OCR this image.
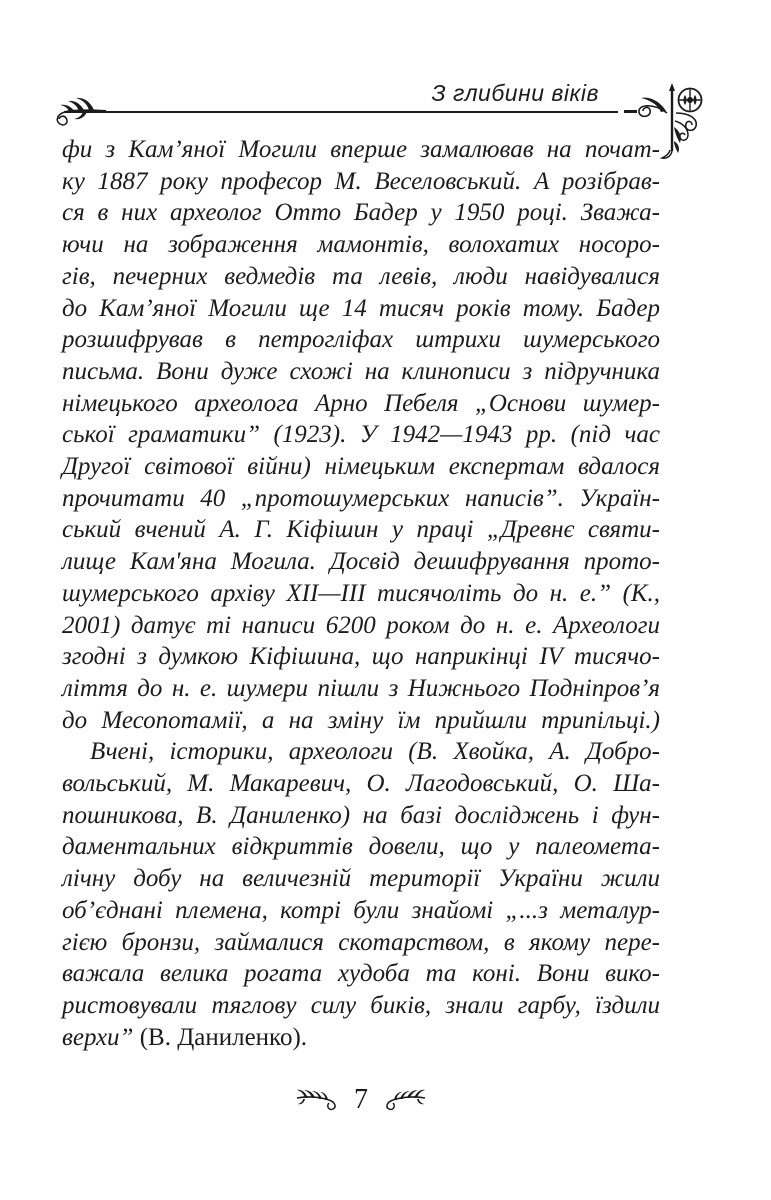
З глибини віків
фи з Кам’яної Могили вперше замалював на почат-
ку 1887 року професор М. Веселовський. А розібрав-
ся в них археолог Отто Бадер у 1950 році. Зважа-
ючи на зображення мамонтів, волохатих носоро-
гів, печерних ведмедів та левів, люди навідувалися
до Кам’яної Могили ще 14 тисяч років тому. Бадер
розшифрував в петрогліфах штрихи шумерського
письма. Вони дуже схожі на клинописи з підручника
німецького археолога Арно Пебеля „Основи шумер-
ської граматики” (1923). У 1942—1943 рр. (під час
Другої світової війни) німецьким експертам вдалося
прочитати 40 „протошумерських написів”. Україн-
ський вчений А. Г. Кіфішин у праці „Древнє святи-
лище Кам'яна Могила. Досвід дешифрування прото-
шумерського архіву XII—III тисячоліть до н. е.” (К.,
2001) датує ті написи 6200 роком до н. е. Археологи
згодні з думкою Кіфішина, що наприкінці IV тисячо-
ліття до н. е. шумери пішли з Нижнього Подніпров’я
до Месопотамії, а на зміну їм прийшли трипільці.)
Вчені, історики, археологи (В. Хвойка, А. Добро-
вольський, М. Макаревич, О. Лагодовський, О. Ша-
пошникова, В. Даниленко) на базі досліджень і фун-
даментальних відкриттів довели, що у палеомета-
лічну добу на величезній території України жили
об’єднані племена, котрі були знайомі „...з металур-
гією бронзи, займалися скотарством, в якому пере-
важала велика рогата худоба та коні. Вони вико-
ристовували тяглову силу биків, знали гарбу, їздили
верхи” (В. Даниленко).
7
